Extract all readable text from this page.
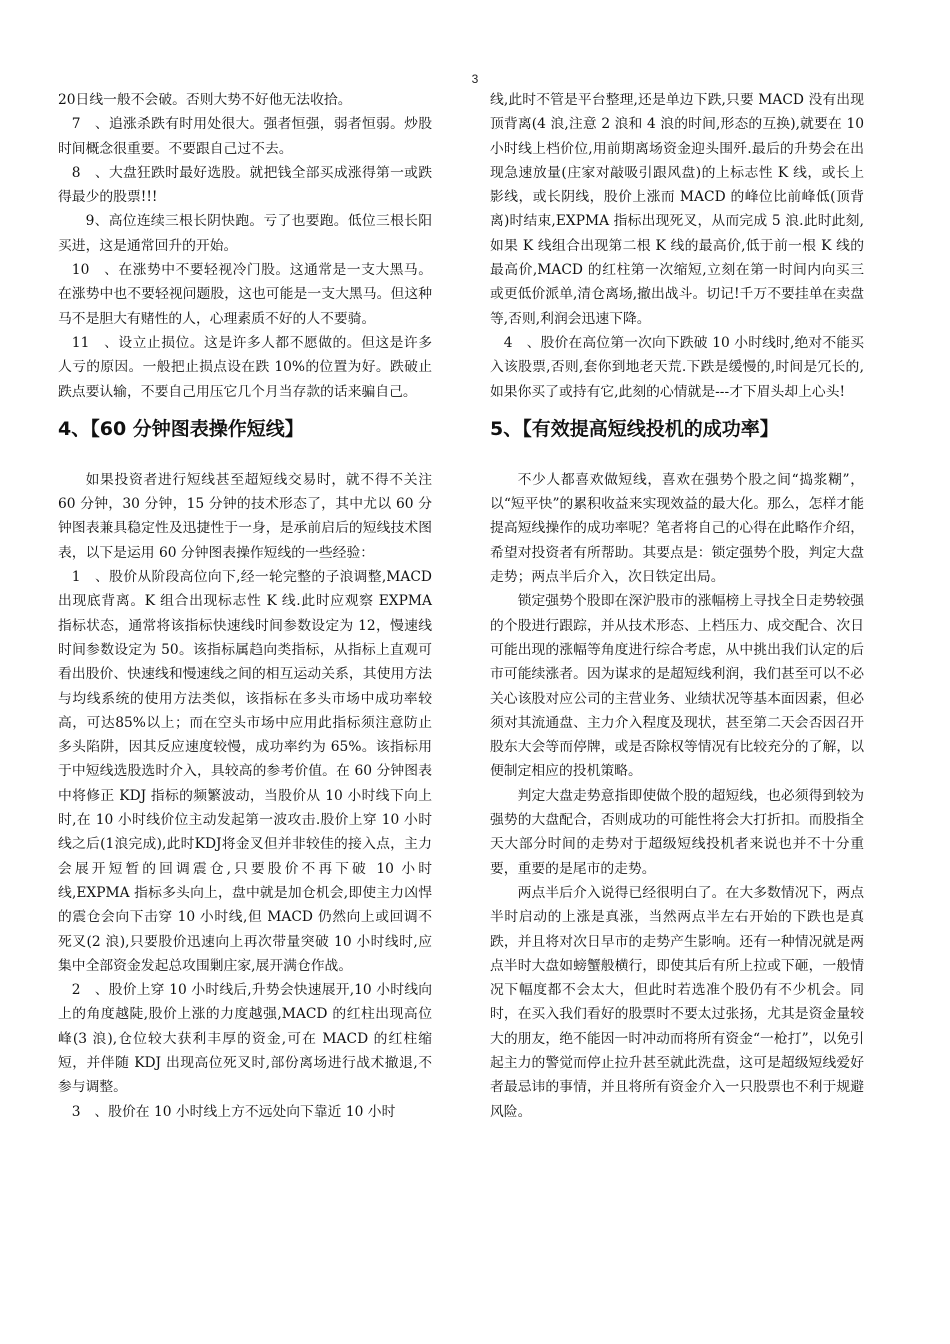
3

20日线一般不会破。否则大势不好他无法收拾。

7　、追涨杀跌有时用处很大。强者恒强，弱者恒弱。炒股时间概念很重要。不要跟自己过不去。

8　、大盘狂跌时最好选股。就把钱全部买成涨得第一或跌得最少的股票!!!

9、高位连续三根长阴快跑。亏了也要跑。低位三根长阳买进，这是通常回升的开始。

10　、在涨势中不要轻视冷门股。这通常是一支大黑马。在涨势中也不要轻视问题股，这也可能是一支大黑马。但这种马不是胆大有赌性的人，心理素质不好的人不要骑。

11　、设立止损位。这是许多人都不愿做的。但这是许多人亏的原因。一般把止损点设在跌 10%的位置为好。跌破止跌点要认输，不要自己用压它几个月当存款的话来骗自己。

4、【60 分钟图表操作短线】

如果投资者进行短线甚至超短线交易时，就不得不关注 60 分钟，30 分钟，15 分钟的技术形态了，其中尤以 60 分钟图表兼具稳定性及迅捷性于一身，是承前启后的短线技术图表，以下是运用 60 分钟图表操作短线的一些经验：

1　、股价从阶段高位向下,经一轮完整的子浪调整,MACD出现底背离。K 组合出现标志性 K 线.此时应观察 EXPMA 指标状态，通常将该指标快速线时间参数设定为 12，慢速线时间参数设定为 50。该指标属趋向类指标，从指标上直观可看出股价、快速线和慢速线之间的相互运动关系，其使用方法与均线系统的使用方法类似，该指标在多头市场中成功率较高，可达85%以上；而在空头市场中应用此指标须注意防止多头陷阱，因其反应速度较慢，成功率约为 65%。该指标用于中短线选股选时介入，具较高的参考价值。在 60 分钟图表中将修正 KDJ 指标的频繁波动，当股价从 10 小时线下向上时,在 10 小时线价位主动发起第一波攻击.股价上穿 10 小时线之后(1浪完成),此时KDJ将金叉但并非较佳的接入点，主力会展开短暂的回调震仓,只要股价不再下破 10 小时线,EXPMA 指标多头向上，盘中就是加仓机会,即使主力凶悍的震仓会向下击穿 10 小时线,但 MACD 仍然向上或回调不死叉(2 浪),只要股价迅速向上再次带量突破 10 小时线时,应集中全部资金发起总攻围剿庄家,展开满仓作战。

2　、股价上穿 10 小时线后,升势会快速展开,10 小时线向上的角度越陡,股价上涨的力度越强,MACD 的红柱出现高位峰(3 浪),仓位较大获利丰厚的资金,可在 MACD 的红柱缩短，并伴随 KDJ 出现高位死叉时,部份离场进行战术撤退,不参与调整。

3　、股价在 10 小时线上方不远处向下靠近 10 小时

线,此时不管是平台整理,还是单边下跌,只要 MACD 没有出现顶背离(4 浪,注意 2 浪和 4 浪的时间,形态的互换),就要在 10 小时线上档价位,用前期离场资金迎头围歼.最后的升势会在出现急速放量(庄家对敲吸引跟风盘)的上标志性 K 线，或长上影线，或长阴线，股价上涨而 MACD 的峰位比前峰低(顶背离)时结束,EXPMA 指标出现死叉，从而完成 5 浪.此时此刻,如果 K 线组合出现第二根 K 线的最高价,低于前一根 K 线的最高价,MACD 的红柱第一次缩短,立刻在第一时间内向买三或更低价派单,清仓离场,撤出战斗。切记!千万不要挂单在卖盘等,否则,利润会迅速下降。

4　、股价在高位第一次向下跌破 10 小时线时,绝对不能买入该股票,否则,套你到地老天荒.下跌是缓慢的,时间是冗长的,如果你买了或持有它,此刻的心情就是---才下眉头却上心头!

5、【有效提高短线投机的成功率】

不少人都喜欢做短线，喜欢在强势个股之间“捣浆糊”，以“短平快”的累积收益来实现效益的最大化。那么，怎样才能提高短线操作的成功率呢？笔者将自己的心得在此略作介绍，希望对投资者有所帮助。其要点是：锁定强势个股，判定大盘走势；两点半后介入，次日铁定出局。

锁定强势个股即在深沪股市的涨幅榜上寻找全日走势较强的个股进行跟踪，并从技术形态、上档压力、成交配合、次日可能出现的涨幅等角度进行综合考虑，从中挑出我们认定的后市可能续涨者。因为谋求的是超短线利润，我们甚至可以不必关心该股对应公司的主营业务、业绩状况等基本面因素，但必须对其流通盘、主力介入程度及现状，甚至第二天会否因召开股东大会等而停牌，或是否除权等情况有比较充分的了解，以便制定相应的投机策略。

判定大盘走势意指即使做个股的超短线，也必须得到较为强势的大盘配合，否则成功的可能性将会大打折扣。而股指全天大部分时间的走势对于超级短线投机者来说也并不十分重要，重要的是尾市的走势。

两点半后介入说得已经很明白了。在大多数情况下，两点半时启动的上涨是真涨，当然两点半左右开始的下跌也是真跌，并且将对次日早市的走势产生影响。还有一种情况就是两点半时大盘如螃蟹般横行，即使其后有所上拉或下砸，一般情况下幅度都不会太大，但此时若选准个股仍有不少机会。同时，在买入我们看好的股票时不要太过张扬，尤其是资金量较大的朋友，绝不能因一时冲动而将所有资金“一枪打”，以免引起主力的警觉而停止拉升甚至就此洗盘，这可是超级短线爱好者最忌讳的事情，并且将所有资金介入一只股票也不利于规避风险。
